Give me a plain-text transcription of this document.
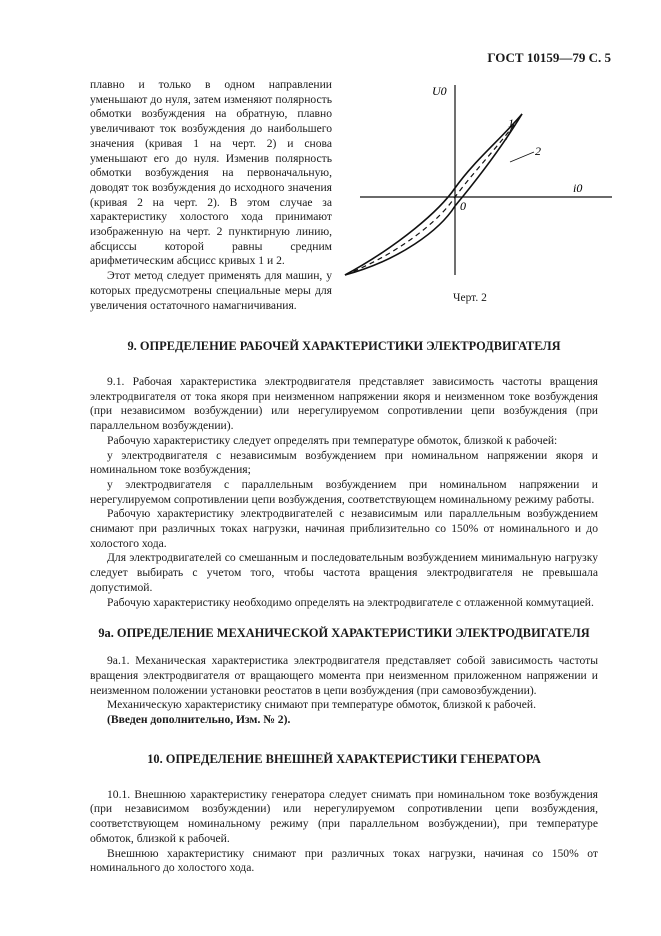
ГОСТ 10159—79 С. 5

плавно и только в одном направлении уменьшают до нуля, затем изменяют полярность обмотки возбуждения на обратную, плавно увеличивают ток возбуждения до наибольшего значения (кривая 1 на черт. 2) и снова уменьшают его до нуля. Изменив полярность обмотки возбуждения на первоначальную, доводят ток возбуждения до исходного значения (кривая 2 на черт. 2). В этом случае за характеристику холостого хода принимают изображенную на черт. 2 пунктирную линию, абсциссы которой равны средним арифметическим абсцисс кривых 1 и 2.

Этот метод следует применять для машин, у которых предусмотрены специальные меры для увеличения остаточного намагничивания.

U0
i0
1
2
0
Черт. 2
9. ОПРЕДЕЛЕНИЕ РАБОЧЕЙ ХАРАКТЕРИСТИКИ ЭЛЕКТРОДВИГАТЕЛЯ

9.1. Рабочая характеристика электродвигателя представляет зависимость частоты вращения электродвигателя от тока якоря при неизменном напряжении якоря и неизменном токе возбуждения (при независимом возбуждении) или нерегулируемом сопротивлении цепи возбуждения (при параллельном возбуждении).

Рабочую характеристику следует определять при температуре обмоток, близкой к рабочей:

у электродвигателя с независимым возбуждением при номинальном напряжении якоря и номинальном токе возбуждения;

у электродвигателя с параллельным возбуждением при номинальном напряжении и нерегулируемом сопротивлении цепи возбуждения, соответствующем номинальному режиму работы.

Рабочую характеристику электродвигателей с независимым или параллельным возбуждением снимают при различных токах нагрузки, начиная приблизительно со 150% от номинального и до холостого хода.

Для электродвигателей со смешанным и последовательным возбуждением минимальную нагрузку следует выбирать с учетом того, чтобы частота вращения электродвигателя не превышала допустимой.

Рабочую характеристику необходимо определять на электродвигателе с отлаженной коммутацией.

9а. ОПРЕДЕЛЕНИЕ МЕХАНИЧЕСКОЙ ХАРАКТЕРИСТИКИ ЭЛЕКТРОДВИГАТЕЛЯ

9а.1. Механическая характеристика электродвигателя представляет собой зависимость частоты вращения электродвигателя от вращающего момента при неизменном приложенном напряжении и неизменном положении установки реостатов в цепи возбуждения (при самовозбуждении).

Механическую характеристику снимают при температуре обмоток, близкой к рабочей.

(Введен дополнительно, Изм. № 2).

10. ОПРЕДЕЛЕНИЕ ВНЕШНЕЙ ХАРАКТЕРИСТИКИ ГЕНЕРАТОРА

10.1. Внешнюю характеристику генератора следует снимать при номинальном токе возбуждения (при независимом возбуждении) или нерегулируемом сопротивлении цепи возбуждения, соответствующем номинальному режиму (при параллельном возбуждении), при температуре обмоток, близкой к рабочей.

Внешнюю характеристику снимают при различных токах нагрузки, начиная со 150% от номинального до холостого хода.
